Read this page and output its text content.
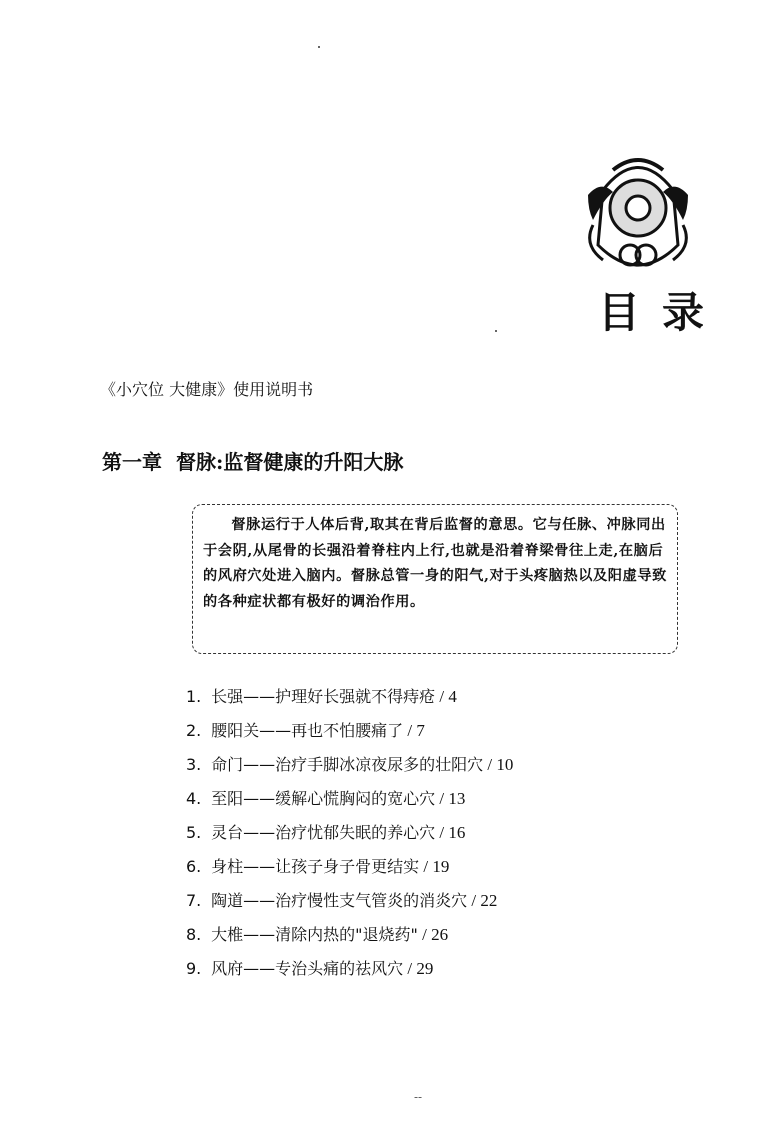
目录
《小穴位 大健康》使用说明书
第一章 督脉:监督健康的升阳大脉

督脉运行于人体后背,取其在背后监督的意思。它与任脉、冲脉同出于会阴,从尾骨的长强沿着脊柱内上行,也就是沿着脊梁骨往上走,在脑后的风府穴处进入脑内。督脉总管一身的阳气,对于头疼脑热以及阳虚导致的各种症状都有极好的调治作用。

1. 长强——护理好长强就不得痔疮 / 4
2. 腰阳关——再也不怕腰痛了 / 7
3. 命门——治疗手脚冰凉夜尿多的壮阳穴 / 10
4. 至阳——缓解心慌胸闷的宽心穴 / 13
5. 灵台——治疗忧郁失眠的养心穴 / 16
6. 身柱——让孩子身子骨更结实 / 19
7. 陶道——治疗慢性支气管炎的消炎穴 / 22
8. 大椎——清除内热的"退烧药" / 26
9. 风府——专治头痛的祛风穴 / 29
--
